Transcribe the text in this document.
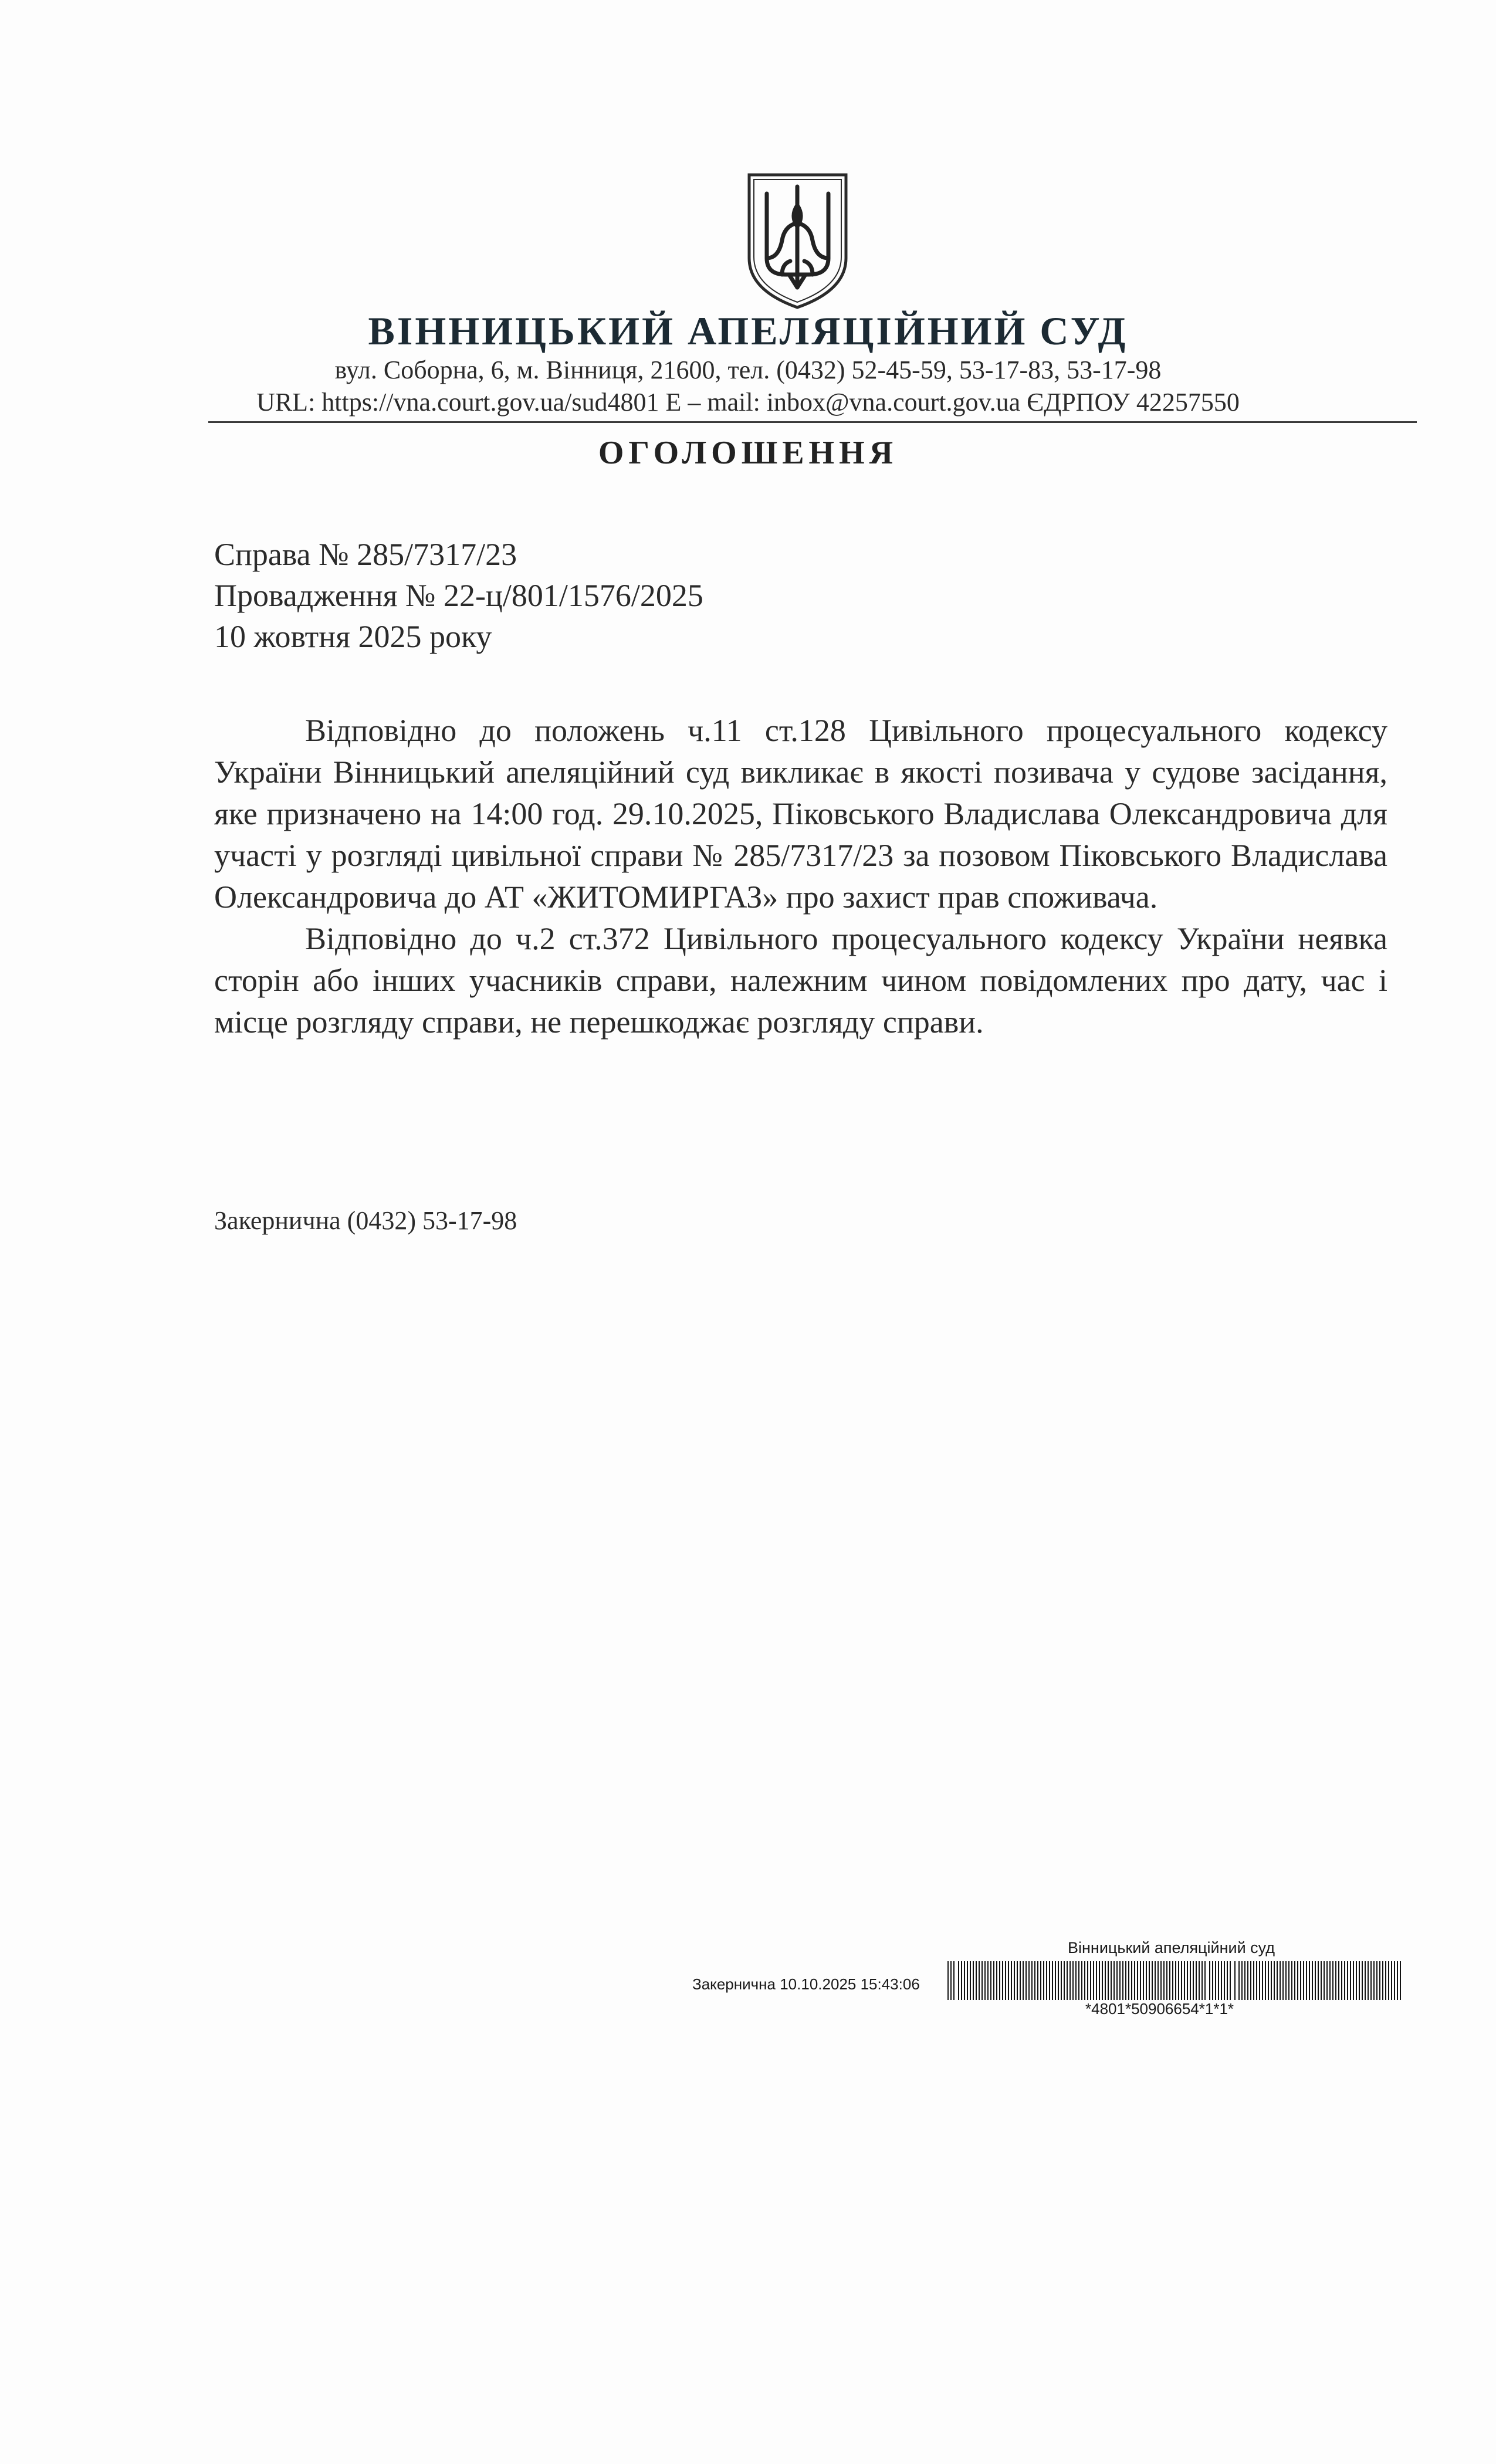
ВІННИЦЬКИЙ АПЕЛЯЦІЙНИЙ СУД
вул. Соборна, 6, м. Вінниця, 21600, тел. (0432) 52-45-59, 53-17-83, 53-17-98
URL: https://vna.court.gov.ua/sud4801 E – mail: inbox@vna.court.gov.ua ЄДРПОУ 42257550
ОГОЛОШЕННЯ
Справа № 285/7317/23
Провадження № 22-ц/801/1576/2025
10 жовтня 2025 року

Відповідно до положень ч.11 ст.128 Цивільного процесуального кодексу України Вінницький апеляційний суд викликає в якості позивача у судове засідання, яке призначено на 14:00 год. 29.10.2025, Піковського Владислава Олександровича для участі у розгляді цивільної справи № 285/7317/23 за позовом Піковського Владислава Олександровича до АТ «ЖИТОМИРГАЗ» про захист прав споживача.

Відповідно до ч.2 ст.372 Цивільного процесуального кодексу України неявка сторін або інших учасників справи, належним чином повідомлених про дату, час і місце розгляду справи, не перешкоджає розгляду справи.

Закернична (0432) 53-17-98
Вінницький апеляційний суд
Закернична 10.10.2025 15:43:06
*4801*50906654*1*1*
